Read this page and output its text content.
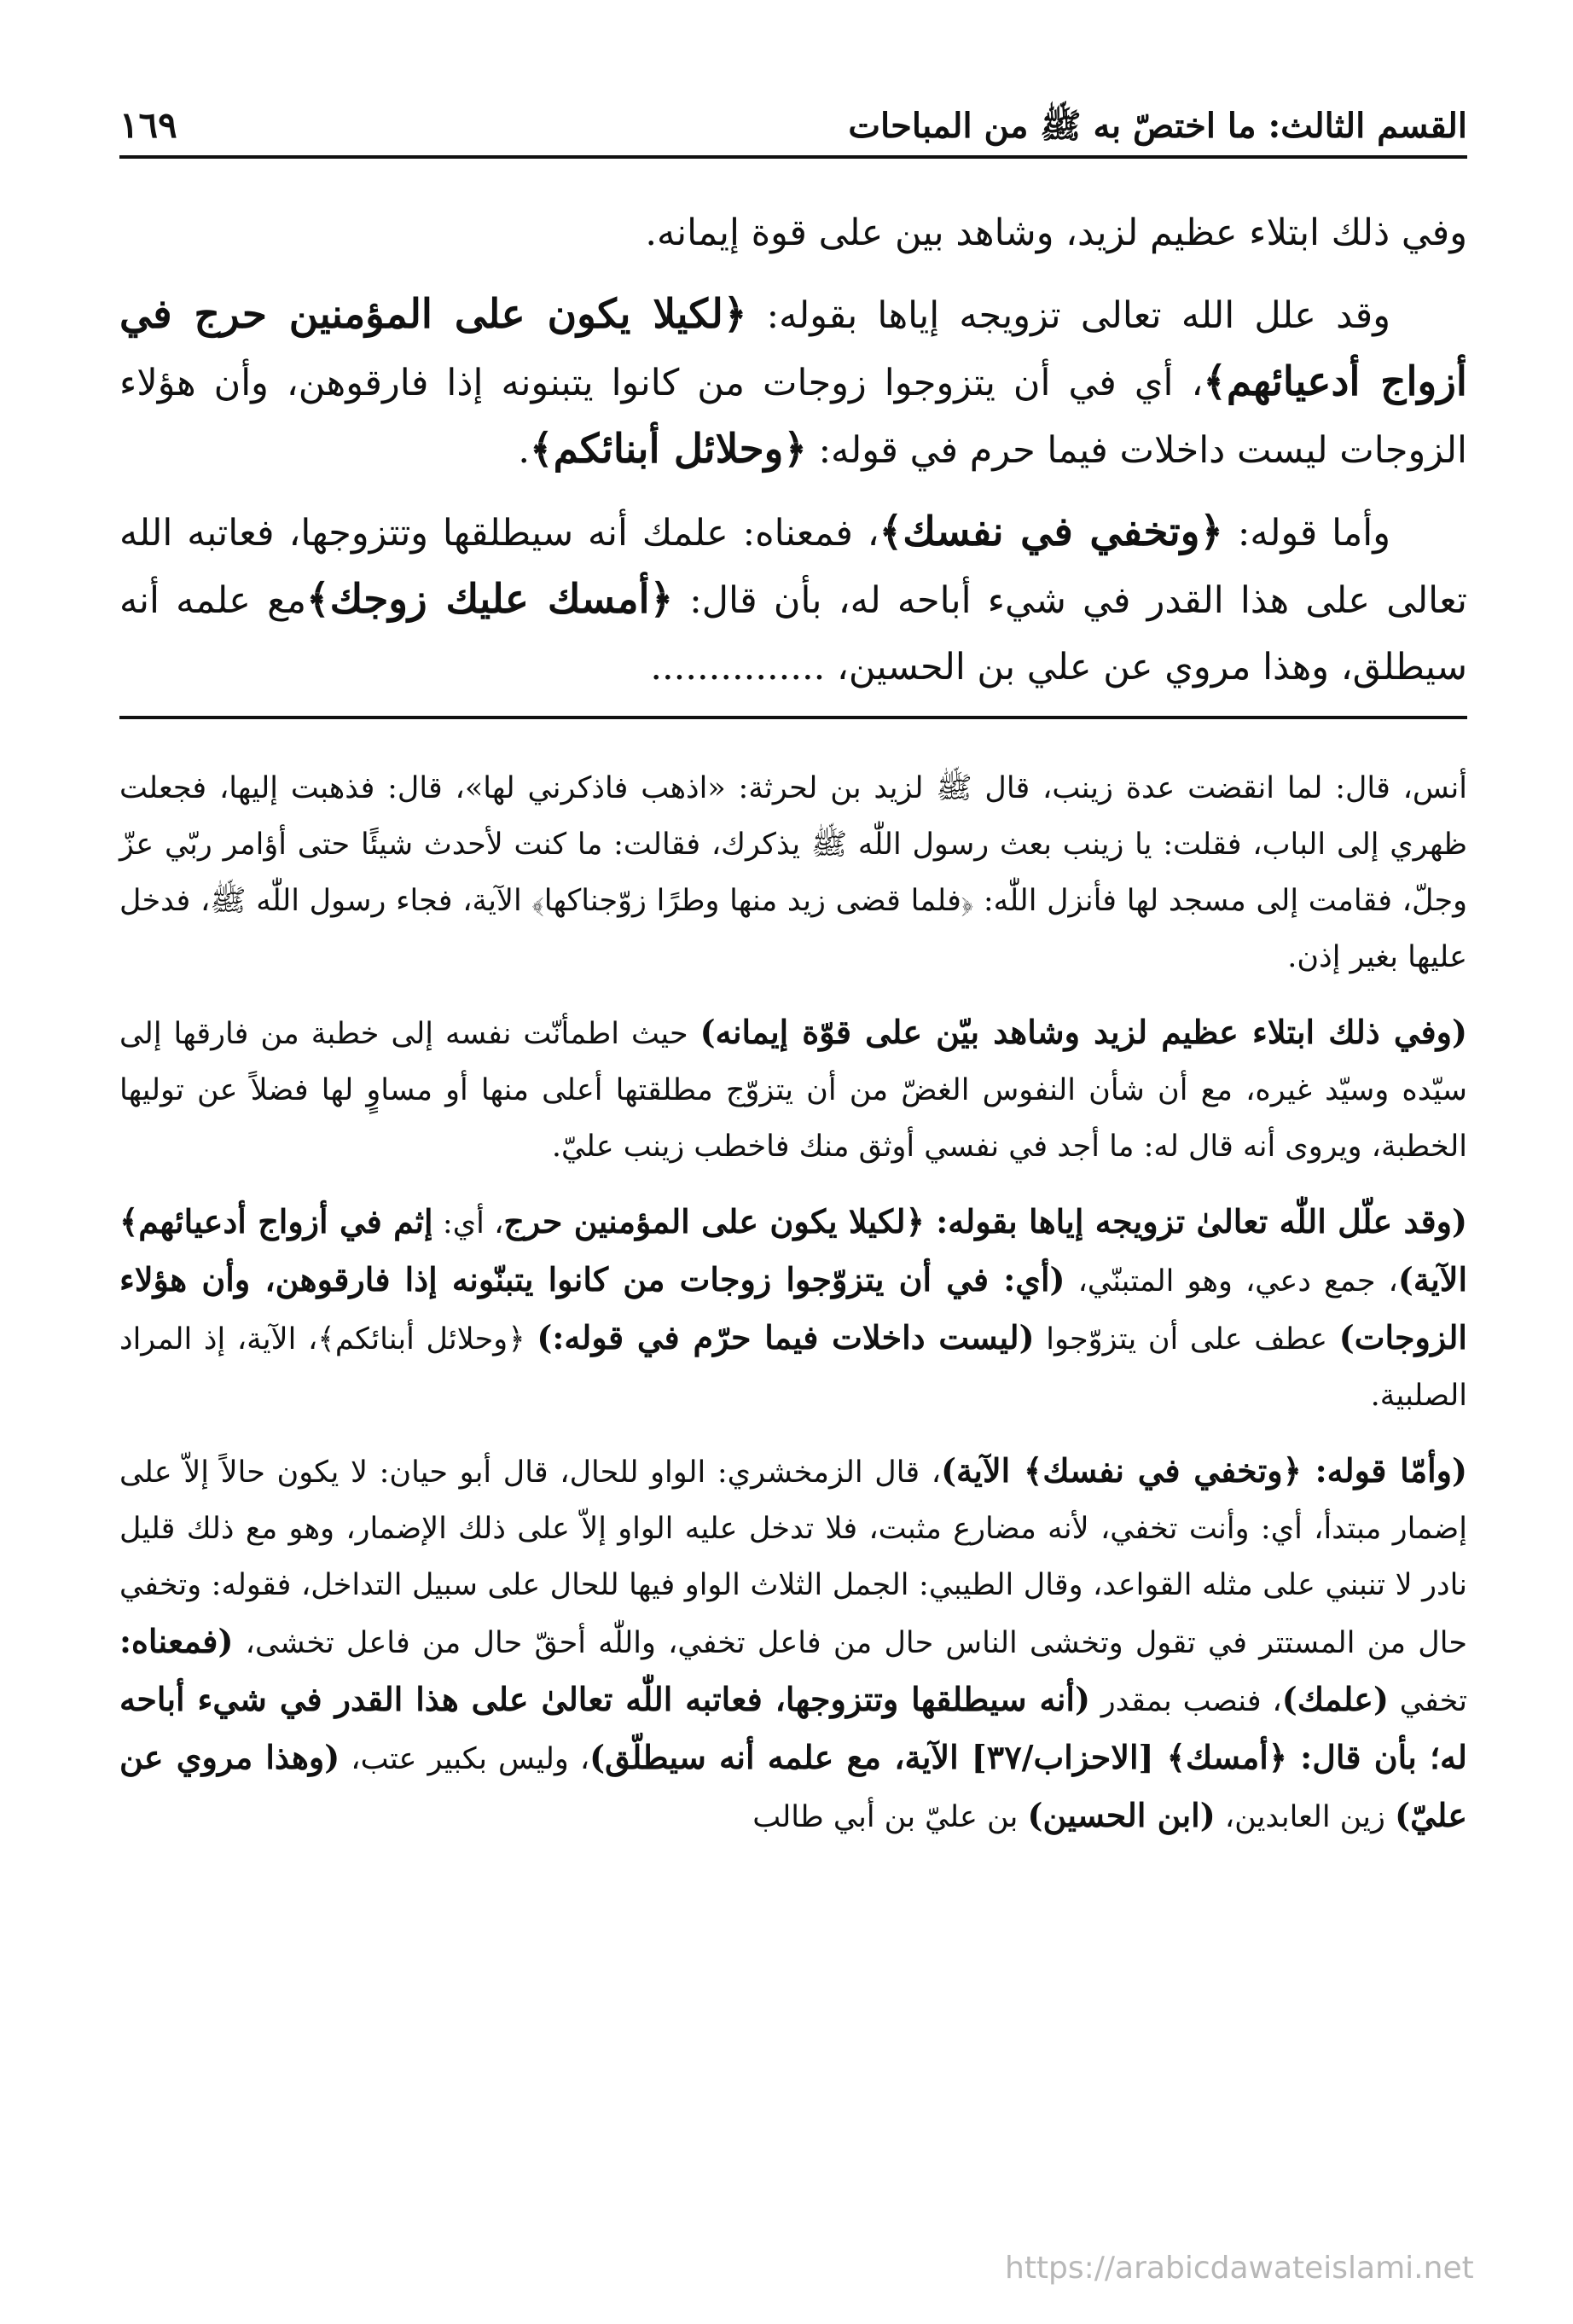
القسم الثالث: ما اختصّ به ﷺ من المباحات
١٦٩

وفي ذلك ابتلاء عظيم لزيد، وشاهد بين على قوة إيمانه.

وقد علل الله تعالى تزويجه إياها بقوله: ﴿لكيلا يكون على المؤمنين حرج في أزواج أدعيائهم﴾، أي في أن يتزوجوا زوجات من كانوا يتبنونه إذا فارقوهن، وأن هؤلاء الزوجات ليست داخلات فيما حرم في قوله: ﴿وحلائل أبنائكم﴾.

وأما قوله: ﴿وتخفي في نفسك﴾، فمعناه: علمك أنه سيطلقها وتتزوجها، فعاتبه الله تعالى على هذا القدر في شيء أباحه له، بأن قال: ﴿أمسك عليك زوجك﴾مع علمه أنه سيطلق، وهذا مروي عن علي بن الحسين، ...............

أنس، قال: لما انقضت عدة زينب، قال ﷺ لزيد بن لحرثة: «اذهب فاذكرني لها»، قال: فذهبت إليها، فجعلت ظهري إلى الباب، فقلت: يا زينب بعث رسول اللّٰه ﷺ يذكرك، فقالت: ما كنت لأحدث شيئًا حتى أؤامر ربّي عزّ وجلّ، فقامت إلى مسجد لها فأنزل اللّٰه: ﴿فلما قضى زيد منها وطرًا زوّجناكها﴾ الآية، فجاء رسول اللّٰه ﷺ، فدخل عليها بغير إذن.

(وفي ذلك ابتلاء عظيم لزيد وشاهد بيّن على قوّة إيمانه) حيث اطمأنّت نفسه إلى خطبة من فارقها إلى سيّده وسيّد غيره، مع أن شأن النفوس الغضّ من أن يتزوّج مطلقتها أعلى منها أو مساوٍ لها فضلاً عن توليها الخطبة، ويروى أنه قال له: ما أجد في نفسي أوثق منك فاخطب زينب عليّ.

(وقد علّل اللّٰه تعالىٰ تزويجه إياها بقوله: ﴿لكيلا يكون على المؤمنين حرج، أي: إثم في أزواج أدعيائهم﴾ الآية)، جمع دعي، وهو المتبنّي، (أي: في أن يتزوّجوا زوجات من كانوا يتبنّونه إذا فارقوهن، وأن هؤلاء الزوجات) عطف على أن يتزوّجوا (ليست داخلات فيما حرّم في قوله:) ﴿وحلائل أبنائكم﴾، الآية، إذ المراد الصلبية.

(وأمّا قوله: ﴿وتخفي في نفسك﴾ الآية)، قال الزمخشري: الواو للحال، قال أبو حيان: لا يكون حالاً إلاّ على إضمار مبتدأ، أي: وأنت تخفي، لأنه مضارع مثبت، فلا تدخل عليه الواو إلاّ على ذلك الإضمار، وهو مع ذلك قليل نادر لا تنبني على مثله القواعد، وقال الطيبي: الجمل الثلاث الواو فيها للحال على سبيل التداخل، فقوله: وتخفي حال من المستتر في تقول وتخشى الناس حال من فاعل تخفي، واللّٰه أحقّ حال من فاعل تخشى، (فمعناه: تخفي (علمك)، فنصب بمقدر (أنه سيطلقها وتتزوجها، فعاتبه اللّٰه تعالىٰ على هذا القدر في شيء أباحه له؛ بأن قال: ﴿أمسك﴾ [الاحزاب/٣٧] الآية، مع علمه أنه سيطلّق)، وليس بكبير عتب، (وهذا مروي عن عليّ) زين العابدين، (ابن الحسين) بن عليّ بن أبي طالب

https://arabicdawateislami.net
